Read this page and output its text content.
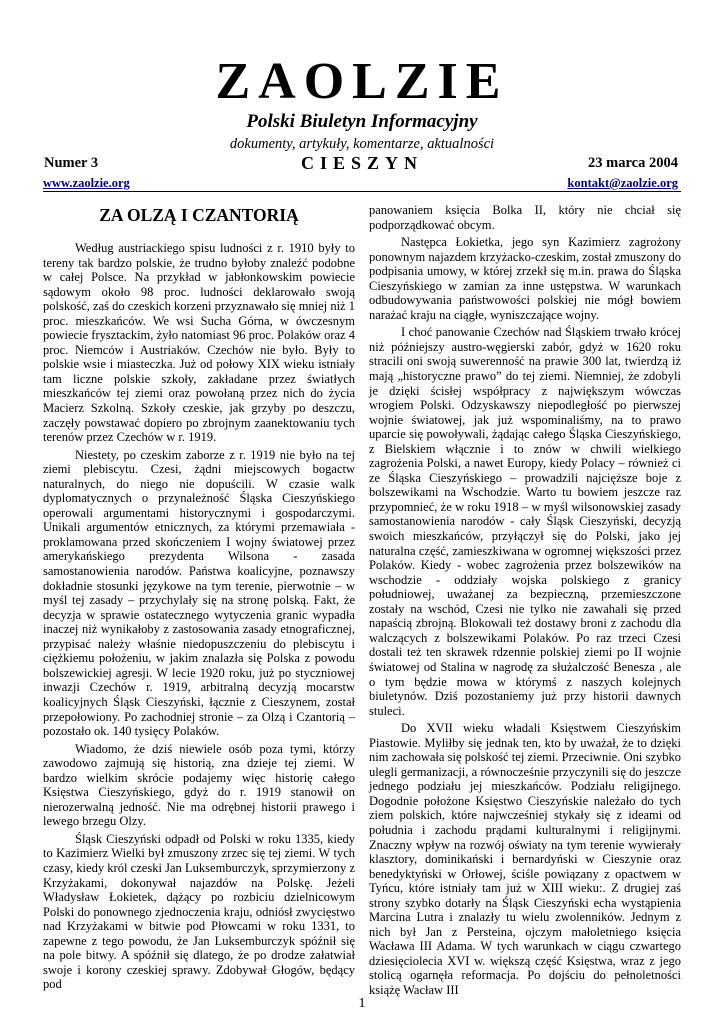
ZAOLZIE
Polski Biuletyn Informacyjny
dokumenty, artykuły, komentarze, aktualności
Numer 3	CIESZYN	23 marca 2004
www.zaolzie.org	kontakt@zaolzie.org
ZA OLZĄ I CZANTORIĄ

Według austriackiego spisu ludności z r. 1910 były to tereny tak bardzo polskie, że trudno byłoby znaleźć podobne w całej Polsce. Na przykład w jabłonkowskim powiecie sądowym około 98 proc. ludności deklarowało swoją polskość, zaś do czeskich korzeni przyznawało się mniej niż 1 proc. mieszkańców. We wsi Sucha Górna, w ówczesnym powiecie frysztackim, żyło natomiast 96 proc. Polaków oraz 4 proc. Niemców i Austriaków. Czechów nie było. Były to polskie wsie i miasteczka. Już od połowy XIX wieku istniały tam liczne polskie szkoły, zakładane przez światłych mieszkańców tej ziemi oraz powołaną przez nich do życia Macierz Szkolną. Szkoły czeskie, jak grzyby po deszczu, zaczęły powstawać dopiero po zbrojnym zaanektowaniu tych terenów przez Czechów w r. 1919.

Niestety, po czeskim zaborze z r. 1919 nie było na tej ziemi plebiscytu. Czesi, żądni miejscowych bogactw naturalnych, do niego nie dopuścili. W czasie walk dyplomatycznych o przynależność Śląska Cieszyńskiego operowali argumentami historycznymi i gospodarczymi. Unikali argumentów etnicznych, za którymi przemawiała - proklamowana przed skończeniem I wojny światowej przez amerykańskiego prezydenta Wilsona - zasada samostanowienia narodów. Państwa koalicyjne, poznawszy dokładnie stosunki językowe na tym terenie, pierwotnie – w myśl tej zasady – przychylały się na stronę polską. Fakt, że decyzja w sprawie ostatecznego wytyczenia granic wypadła inaczej niż wynikałoby z zastosowania zasady etnograficznej, przypisać należy właśnie niedopuszczeniu do plebiscytu i ciężkiemu położeniu, w jakim znalazła się Polska z powodu bolszewickiej agresji. W lecie 1920 roku, już po styczniowej inwazji Czechów r. 1919, arbitralną decyzją mocarstw koalicyjnych Śląsk Cieszyński, łącznie z Cieszynem, został przepołowiony. Po zachodniej stronie – za Olzą i Czantorią – pozostało ok. 140 tysięcy Polaków.

Wiadomo, że dziś niewiele osób poza tymi, którzy zawodowo zajmują się historią, zna dzieje tej ziemi. W bardzo wielkim skrócie podajemy więc historię całego Księstwa Cieszyńskiego, gdyż do r. 1919 stanowił on nierozerwalną jedność. Nie ma odrębnej historii prawego i lewego brzegu Olzy.

Śląsk Cieszyński odpadł od Polski w roku 1335, kiedy to Kazimierz Wielki był zmuszony zrzec się tej ziemi. W tych czasy, kiedy król czeski Jan Luksemburczyk, sprzymierzony z Krzyżakami, dokonywał najazdów na Polskę. Jeżeli Władysław Łokietek, dążący po rozbiciu dzielnicowym Polski do ponownego zjednoczenia kraju, odniósł zwycięstwo nad Krzyżakami w bitwie pod Płowcami w roku 1331, to zapewne z tego powodu, że Jan Luksemburczyk spóźnił się na pole bitwy. A spóźnił się dlatego, że po drodze załatwiał swoje i korony czeskiej sprawy. Zdobywał Głogów, będący pod

panowaniem księcia Bolka II, który nie chciał się podporządkować obcym.

Następca Łokietka, jego syn Kazimierz zagrożony ponownym najazdem krzyżacko-czeskim, został zmuszony do podpisania umowy, w której zrzekł się m.in. prawa do Śląska Cieszyńskiego w zamian za inne ustępstwa. W warunkach odbudowywania państwowości polskiej nie mógł bowiem narażać kraju na ciągłe, wyniszczające wojny.

I choć panowanie Czechów nad Śląskiem trwało krócej niż późniejszy austro-węgierski zabór, gdyż w 1620 roku stracili oni swoją suwerenność na prawie 300 lat, twierdzą iż mają „historyczne prawo” do tej ziemi. Niemniej, że zdobyli je dzięki ścisłej współpracy z największym wówczas wrogiem Polski. Odzyskawszy niepodległość po pierwszej wojnie światowej, jak już wspominaliśmy, na to prawo uparcie się powoływali, żądając całego Śląska Cieszyńskiego, z Bielskiem włącznie i to znów w chwili wielkiego zagrożenia Polski, a nawet Europy, kiedy Polacy – również ci ze Śląska Cieszyńskiego – prowadzili najcięższe boje z bolszewikami na Wschodzie. Warto tu bowiem jeszcze raz przypomnieć, że w roku 1918 – w myśl wilsonowskiej zasady samostanowienia narodów - cały Śląsk Cieszyński, decyzją swoich mieszkańców, przyłączył się do Polski, jako jej naturalna część, zamieszkiwana w ogromnej większości przez Polaków. Kiedy - wobec zagrożenia przez bolszewików na wschodzie - oddziały wojska polskiego z granicy południowej, uważanej za bezpieczną, przemieszczone zostały na wschód, Czesi nie tylko nie zawahali się przed napaścią zbrojną. Blokowali też dostawy broni z zachodu dla walczących z bolszewikami Polaków. Po raz trzeci Czesi dostali też ten skrawek rdzennie polskiej ziemi po II wojnie światowej od Stalina w nagrodę za służalczość Benesza , ale o tym będzie mowa w którymś z naszych kolejnych biuletynów. Dziś pozostaniemy już przy historii dawnych stuleci.

Do XVII wieku władali Księstwem Cieszyńskim Piastowie. Myliłby się jednak ten, kto by uważał, że to dzięki nim zachowała się polskość tej ziemi. Przeciwnie. Oni szybko ulegli germanizacji, a równocześnie przyczynili się do jeszcze jednego podziału jej mieszkańców. Podziału religijnego. Dogodnie położone Księstwo Cieszyńskie należało do tych ziem polskich, które najwcześniej stykały się z ideami od południa i zachodu prądami kulturalnymi i religijnymi. Znaczny wpływ na rozwój oświaty na tym terenie wywierały klasztory, dominikański i bernardyński w Cieszynie oraz benedyktyński w Orłowej, ściśle powiązany z opactwem w Tyńcu, które istniały tam już w XIII wieku:. Z drugiej zaś strony szybko dotarły na Śląsk Cieszyński echa wystąpienia Marcina Lutra i znalazły tu wielu zwolenników. Jednym z nich był Jan z Persteina, ojczym małoletniego księcia Wacława III Adama. W tych warunkach w ciągu czwartego dziesięciolecia XVI w. większą część Księstwa, wraz z jego stolicą ogarnęła reformacja. Po dojściu do pełnoletności książę Wacław III

1
